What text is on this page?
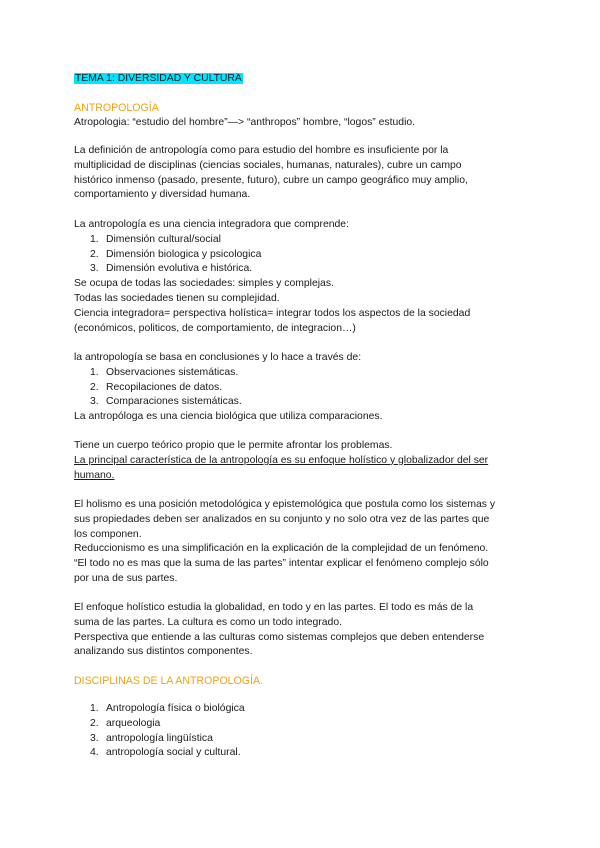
TEMA 1: DIVERSIDAD Y CULTURA
ANTROPOLOGÍA
Atropologia: “estudio del hombre”—> “anthropos” hombre, “logos” estudio.
La definición de antropología como para estudio del hombre es insuficiente por la
multiplicidad de disciplinas (ciencias sociales, humanas, naturales), cubre un campo
histórico inmenso (pasado, presente, futuro), cubre un campo geográfico muy amplio,
comportamiento y diversidad humana.
La antropología es una ciencia integradora que comprende:
1. Dimensión cultural/social
2. Dimensión biologica y psicologica
3. Dimensión evolutiva e histórica.
Se ocupa de todas las sociedades: simples y complejas.
Todas las sociedades tienen su complejidad.
Ciencia integradora= perspectiva holística= integrar todos los aspectos de la sociedad
(económicos, politicos, de comportamiento, de integracion…)
la antropología se basa en conclusiones y lo hace a través de:
1. Observaciones sistemáticas.
2. Recopilaciones de datos.
3. Comparaciones sistemáticas.
La antropóloga es una ciencia biológica que utiliza comparaciones.
Tiene un cuerpo teórico propio que le permite afrontar los problemas.
La principal característica de la antropología es su enfoque holístico y globalizador del ser
humano.
El holismo es una posición metodológica y epistemológica que postula como los sistemas y
sus propiedades deben ser analizados en su conjunto y no solo otra vez de las partes que
los componen.
Reduccionismo es una simplificación en la explicación de la complejidad de un fenómeno.
“El todo no es mas que la suma de las partes” intentar explicar el fenómeno complejo sólo
por una de sus partes.
El enfoque holístico estudia la globalidad, en todo y en las partes. El todo es más de la
suma de las partes. La cultura es como un todo integrado.
Perspectiva que entiende a las culturas como sistemas complejos que deben entenderse
analizando sus distintos componentes.
DISCIPLINAS DE LA ANTROPOLOGÍA.
1. Antropología física o biológica
2. arqueologia
3. antropología lingüística
4. antropología social y cultural.
